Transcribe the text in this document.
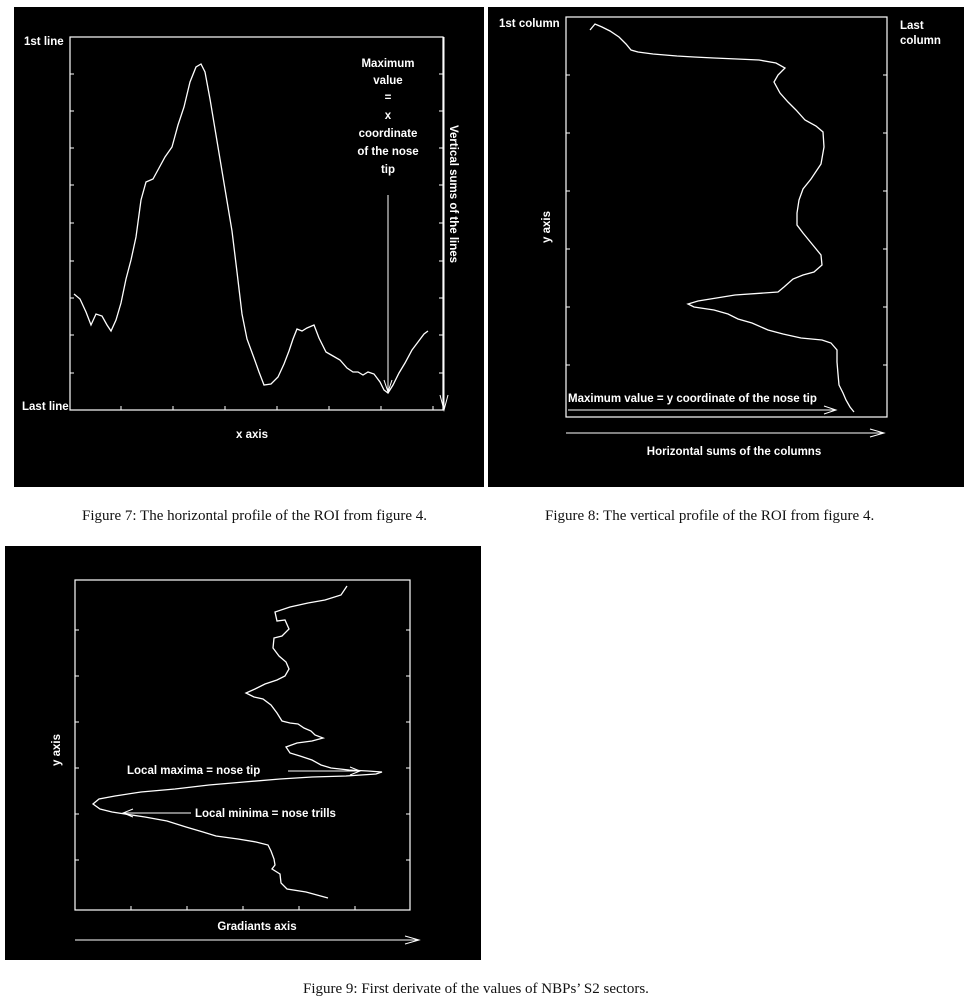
1st line
Last line
x axis
Vertical sums of the lines
Maximum
value
=
x
coordinate
of the nose
tip
Figure 7: The horizontal profile of the ROI from figure 4.
1st column	Last
column
y axis
Maximum value = y coordinate of the nose tip
Horizontal sums of the columns
Figure 8: The vertical profile of the ROI from figure 4.
y axis
Local maxima = nose tip
Local minima = nose trills
Gradiants axis
Figure 9: First derivate of the values of NBPs’ S2 sectors.
